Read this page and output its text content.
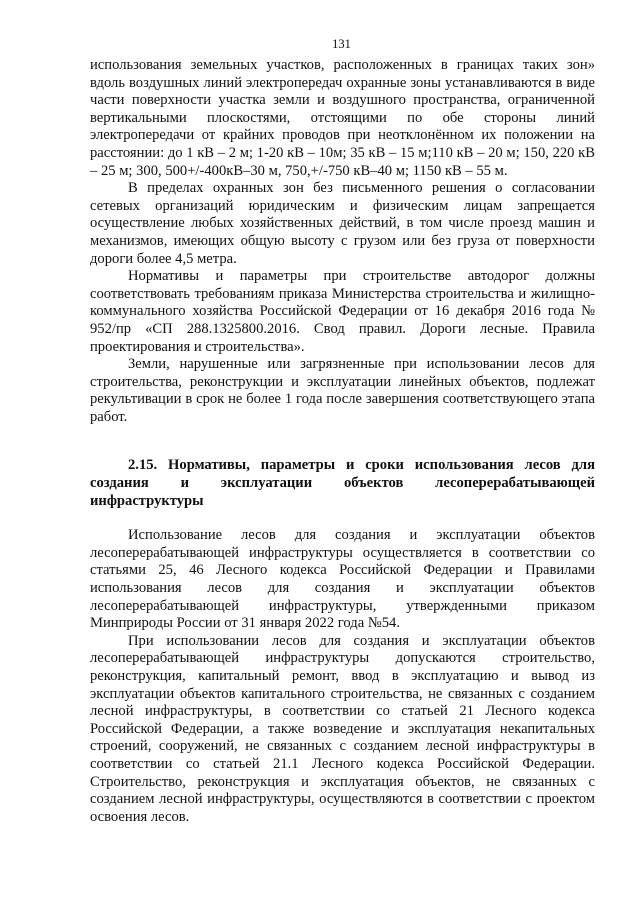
131

использования земельных участков, расположенных в границах таких зон» вдоль воздушных линий электропередач охранные зоны устанавливаются в виде части поверхности участка земли и воздушного пространства, ограниченной вертикальными плоскостями, отстоящими по обе стороны линий электропередачи от крайних проводов при неотклонённом их положении на расстоянии: до 1 кВ – 2 м; 1-20 кВ – 10м; 35 кВ – 15 м;110 кВ – 20 м; 150, 220 кВ – 25 м; 300, 500+/-400кВ–30 м, 750,+/-750 кВ–40 м; 1150 кВ – 55 м.

В пределах охранных зон без письменного решения о согласовании сетевых организаций юридическим и физическим лицам запрещается осуществление любых хозяйственных действий, в том числе проезд машин и механизмов, имеющих общую высоту с грузом или без груза от поверхности дороги более 4,5 метра.

Нормативы и параметры при строительстве автодорог должны соответствовать требованиям приказа Министерства строительства и жилищно-коммунального хозяйства Российской Федерации от 16 декабря 2016 года № 952/пр «СП 288.1325800.2016. Свод правил. Дороги лесные. Правила проектирования и строительства».

Земли, нарушенные или загрязненные при использовании лесов для строительства, реконструкции и эксплуатации линейных объектов, подлежат рекультивации в срок не более 1 года после завершения соответствующего этапа работ.

2.15. Нормативы, параметры и сроки использования лесов для создания и эксплуатации объектов лесоперерабатывающей инфраструктуры

Использование лесов для создания и эксплуатации объектов лесоперерабатывающей инфраструктуры осуществляется в соответствии со статьями 25, 46 Лесного кодекса Российской Федерации и Правилами использования лесов для создания и эксплуатации объектов лесоперерабатывающей инфраструктуры, утвержденными приказом Минприроды России от 31 января 2022 года №54.

При использовании лесов для создания и эксплуатации объектов лесоперерабатывающей инфраструктуры допускаются строительство, реконструкция, капитальный ремонт, ввод в эксплуатацию и вывод из эксплуатации объектов капитального строительства, не связанных с созданием лесной инфраструктуры, в соответствии со статьей 21 Лесного кодекса Российской Федерации, а также возведение и эксплуатация некапитальных строений, сооружений, не связанных с созданием лесной инфраструктуры в соответствии со статьей 21.1 Лесного кодекса Российской Федерации. Строительство, реконструкция и эксплуатация объектов, не связанных с созданием лесной инфраструктуры, осуществляются в соответствии с проектом освоения лесов.
